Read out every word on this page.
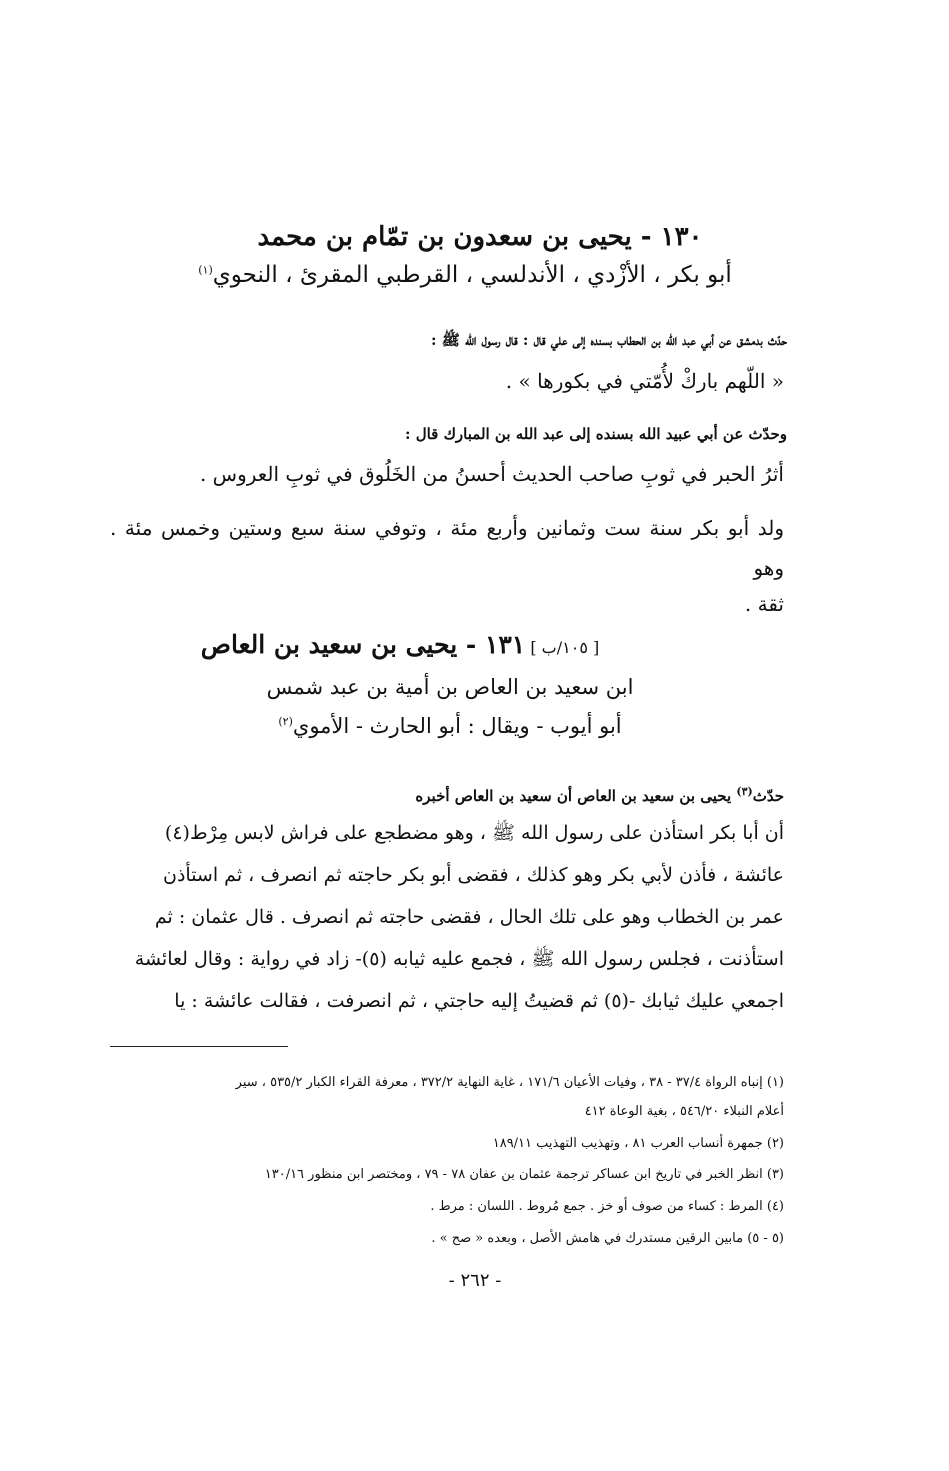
١٣٠ - يحيى بن سعدون بن تمّام بن محمد
أبو بكر ، الأزْدي ، الأندلسي ، القرطبي المقرئ ، النحوي$^{(١)}$
حدّث بدمشق عن أبي عبد الله بن الحطاب بسنده إلى علي قال : قال رسول الله ﷺ :
« اللّهم باركْ لأُمّتي في بكورها » .
وحدّث عن أبي عبيد الله بسنده إلى عبد الله بن المبارك قال :
أثرُ الحبر في ثوبِ صاحب الحديث أحسنُ من الخَلُوق في ثوبِ العروس .
ولد أبو بكر سنة ست وثمانين وأربع مئة ، وتوفي سنة سبع وستين وخمس مئة . وهو
ثقة .
[ ١٠٥/ب ] ١٣١ - يحيى بن سعيد بن العاص
ابن سعيد بن العاص بن أمية بن عبد شمس
أبو أيوب - ويقال : أبو الحارث - الأموي$^{(٢)}$
حدّث$^{(٣)}$ يحيى بن سعيد بن العاص أن سعيد بن العاص أخبره
أن أبا بكر استأذن على رسول الله ﷺ ، وهو مضطجع على فراش لابس مِرْط(٤)
عائشة ، فأذن لأبي بكر وهو كذلك ، فقضى أبو بكر حاجته ثم انصرف ، ثم استأذن
عمر بن الخطاب وهو على تلك الحال ، فقضى حاجته ثم انصرف . قال عثمان : ثم
استأذنت ، فجلس رسول الله ﷺ ، فجمع عليه ثيابه (٥)- زاد في رواية : وقال لعائشة
اجمعي عليك ثيابك -(٥) ثم قضيتُ إليه حاجتي ، ثم انصرفت ، فقالت عائشة : يا
(١) إنباه الرواة ٣٧/٤ - ٣٨ ، وفيات الأعيان ١٧١/٦ ، غاية النهاية ٣٧٢/٢ ، معرفة القراء الكبار ٥٣٥/٢ ، سير
أعلام النبلاء ٥٤٦/٢٠ ، بغية الوعاة ٤١٢
(٢) جمهرة أنساب العرب ٨١ ، وتهذيب التهذيب ١٨٩/١١
(٣) انظر الخبر في تاريخ ابن عساكر ترجمة عثمان بن عفان ٧٨ - ٧٩ ، ومختصر ابن منظور ١٣٠/١٦
(٤) المرط : كساء من صوف أو خز . جمع مُروط . اللسان : مرط .
(٥ - ٥) مابين الرقين مستدرك في هامش الأصل ، وبعده « صح » .
- ٢٦٢ -
